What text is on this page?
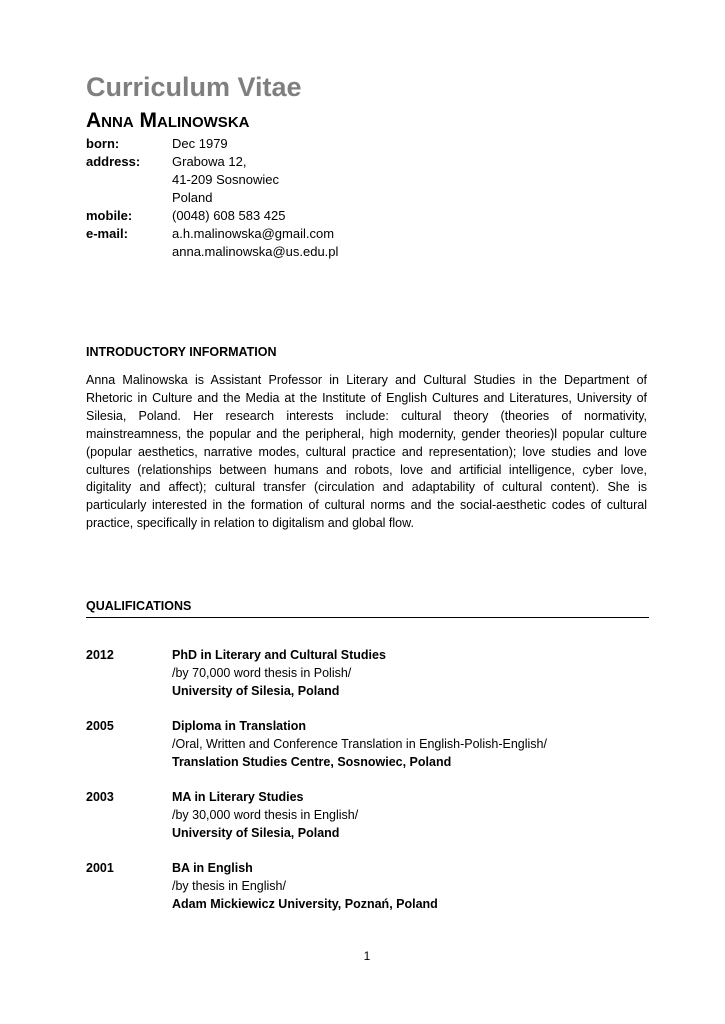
Curriculum Vitae
Anna Malinowska
born:	Dec 1979
address:	Grabowa 12,
41-209 Sosnowiec
Poland
mobile:	(0048) 608 583 425
e-mail:	a.h.malinowska@gmail.com
anna.malinowska@us.edu.pl
INTRODUCTORY INFORMATION
Anna Malinowska is Assistant Professor in Literary and Cultural Studies in the Department of Rhetoric in Culture and the Media at the Institute of English Cultures and Literatures, University of Silesia, Poland. Her research interests include: cultural theory (theories of normativity, mainstreamness, the popular and the peripheral, high modernity, gender theories)l popular culture (popular aesthetics, narrative modes, cultural practice and representation); love studies and love cultures (relationships between humans and robots, love and artificial intelligence, cyber love, digitality and affect); cultural transfer (circulation and adaptability of cultural content). She is particularly interested in the formation of cultural norms and the social-aesthetic codes of cultural practice, specifically in relation to digitalism and global flow.
QUALIFICATIONS
2012	PhD in Literary and Cultural Studies
/by 70,000 word thesis in Polish/
University of Silesia, Poland
2005	Diploma in Translation
/Oral, Written and Conference Translation in English-Polish-English/
Translation Studies Centre, Sosnowiec, Poland
2003	MA in Literary Studies
/by 30,000 word thesis in English/
University of Silesia, Poland
2001	BA in English
/by thesis in English/
Adam Mickiewicz University, Poznań, Poland
1
